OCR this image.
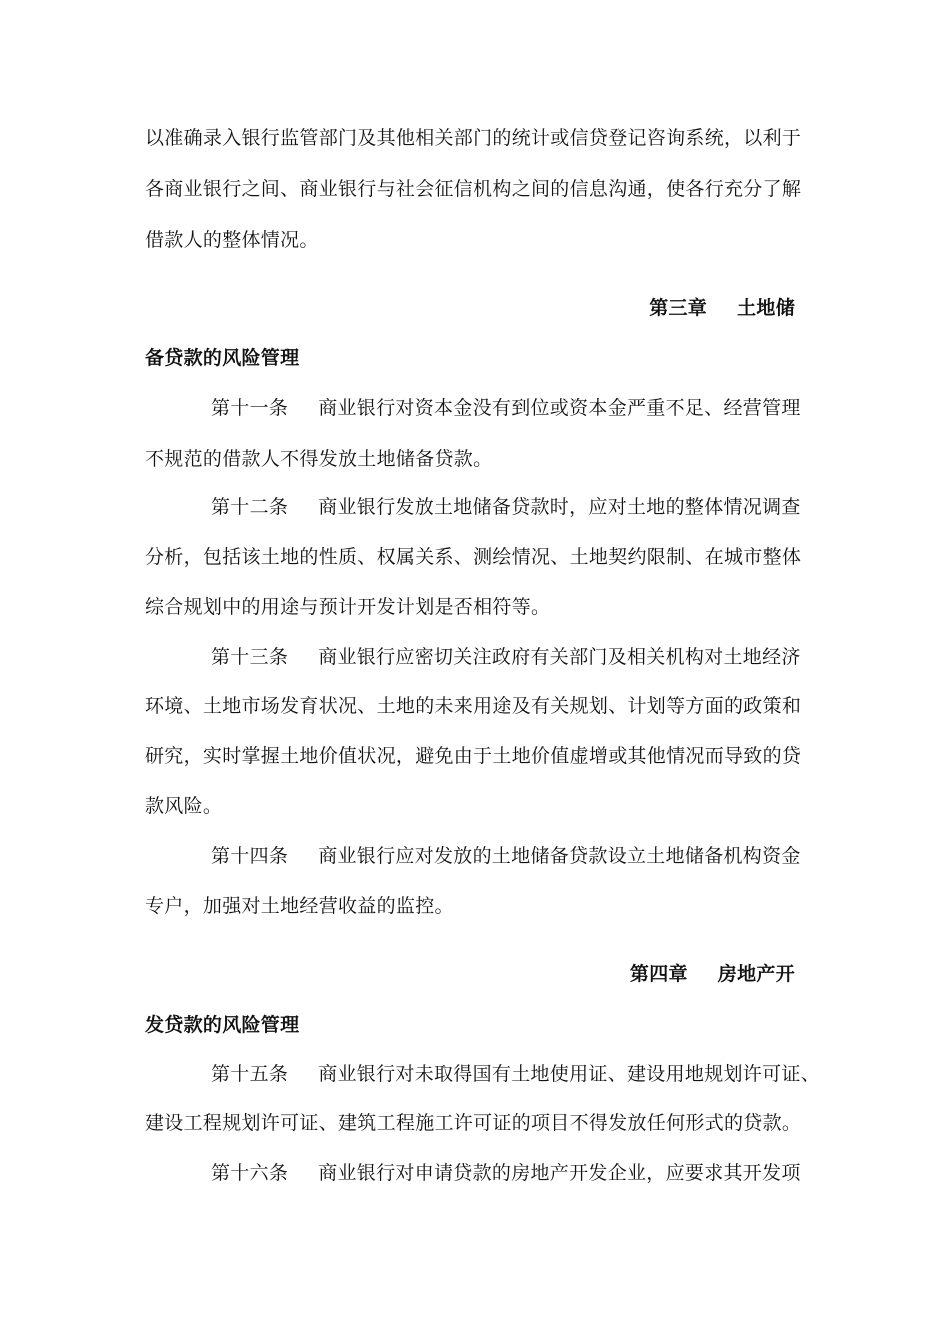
以准确录入银行监管部门及其他相关部门的统计或信贷登记咨询系统，以利于
各商业银行之间、商业银行与社会征信机构之间的信息沟通，使各行充分了解
借款人的整体情况。
第三章 土地储
备贷款的风险管理
第十一条 商业银行对资本金没有到位或资本金严重不足、经营管理
不规范的借款人不得发放土地储备贷款。
第十二条 商业银行发放土地储备贷款时，应对土地的整体情况调查
分析，包括该土地的性质、权属关系、测绘情况、土地契约限制、在城市整体
综合规划中的用途与预计开发计划是否相符等。
第十三条 商业银行应密切关注政府有关部门及相关机构对土地经济
环境、土地市场发育状况、土地的未来用途及有关规划、计划等方面的政策和
研究，实时掌握土地价值状况，避免由于土地价值虚增或其他情况而导致的贷
款风险。
第十四条 商业银行应对发放的土地储备贷款设立土地储备机构资金
专户，加强对土地经营收益的监控。
第四章 房地产开
发贷款的风险管理
第十五条 商业银行对未取得国有土地使用证、建设用地规划许可证、
建设工程规划许可证、建筑工程施工许可证的项目不得发放任何形式的贷款。
第十六条 商业银行对申请贷款的房地产开发企业，应要求其开发项
